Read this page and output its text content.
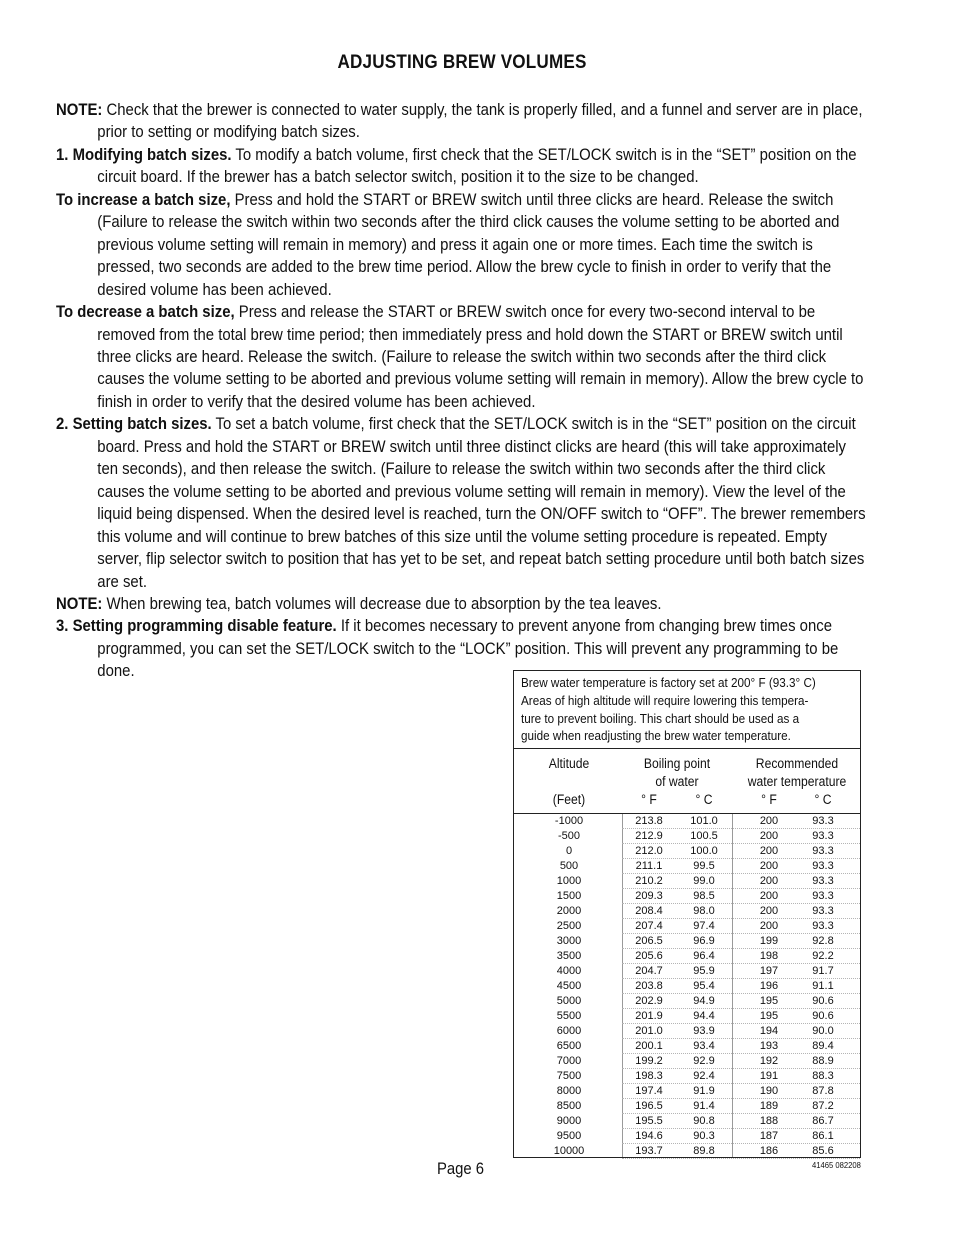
ADJUSTING BREW VOLUMES

NOTE: Check that the brewer is connected to water supply, the tank is properly filled, and a funnel and server are in place, prior to setting or modifying batch sizes.

1. Modifying batch sizes. To modify a batch volume, first check that the SET/LOCK switch is in the “SET” position on the circuit board. If the brewer has a batch selector switch, position it to the size to be changed.

To increase a batch size, Press and hold the START or BREW switch until three clicks are heard. Release the switch (Failure to release the switch within two seconds after the third click causes the volume setting to be aborted and previous volume setting will remain in memory) and press it again one or more times. Each time the switch is pressed, two seconds are added to the brew time period. Allow the brew cycle to finish in order to verify that the desired volume has been achieved.

To decrease a batch size, Press and release the START or BREW switch once for every two-second interval to be removed from the total brew time period; then immediately press and hold down the START or BREW switch until three clicks are heard. Release the switch. (Failure to release the switch within two seconds after the third click causes the volume setting to be aborted and previous volume setting will remain in memory). Allow the brew cycle to finish in order to verify that the desired volume has been achieved.

2. Setting batch sizes. To set a batch volume, first check that the SET/LOCK switch is in the “SET” position on the circuit board. Press and hold the START or BREW switch until three distinct clicks are heard (this will take approximately ten seconds), and then release the switch. (Failure to release the switch within two seconds after the third click causes the volume setting to be aborted and previous volume setting will remain in memory). View the level of the liquid being dispensed. When the desired level is reached, turn the ON/OFF switch to “OFF”. The brewer remembers this volume and will continue to brew batches of this size until the volume setting procedure is repeated. Empty server, flip selector switch to position that has yet to be set, and repeat batch setting procedure until both batch sizes are set.

NOTE: When brewing tea, batch volumes will decrease due to absorption by the tea leaves.

3. Setting programming disable feature. If it becomes necessary to prevent anyone from changing brew times once programmed, you can set the SET/LOCK switch to the “LOCK” position. This will prevent any programming to be done.

Brew water temperature is factory set at 200° F (93.3° C)
Areas of high altitude will require lowering this tempera-
ture to prevent boiling. This chart should be used as a
guide when readjusting the brew water temperature.
Altitude
(Feet)
Boiling point
of water
° F	° C
Recommended
water temperature
° F	° C
-1000	213.8	101.0	200	93.3
-500	212.9	100.5	200	93.3
0	212.0	100.0	200	93.3
500	211.1	99.5	200	93.3
1000	210.2	99.0	200	93.3
1500	209.3	98.5	200	93.3
2000	208.4	98.0	200	93.3
2500	207.4	97.4	200	93.3
3000	206.5	96.9	199	92.8
3500	205.6	96.4	198	92.2
4000	204.7	95.9	197	91.7
4500	203.8	95.4	196	91.1
5000	202.9	94.9	195	90.6
5500	201.9	94.4	195	90.6
6000	201.0	93.9	194	90.0
6500	200.1	93.4	193	89.4
7000	199.2	92.9	192	88.9
7500	198.3	92.4	191	88.3
8000	197.4	91.9	190	87.8
8500	196.5	91.4	189	87.2
9000	195.5	90.8	188	86.7
9500	194.6	90.3	187	86.1
10000	193.7	89.8	186	85.6
Page 6	41465 082208
